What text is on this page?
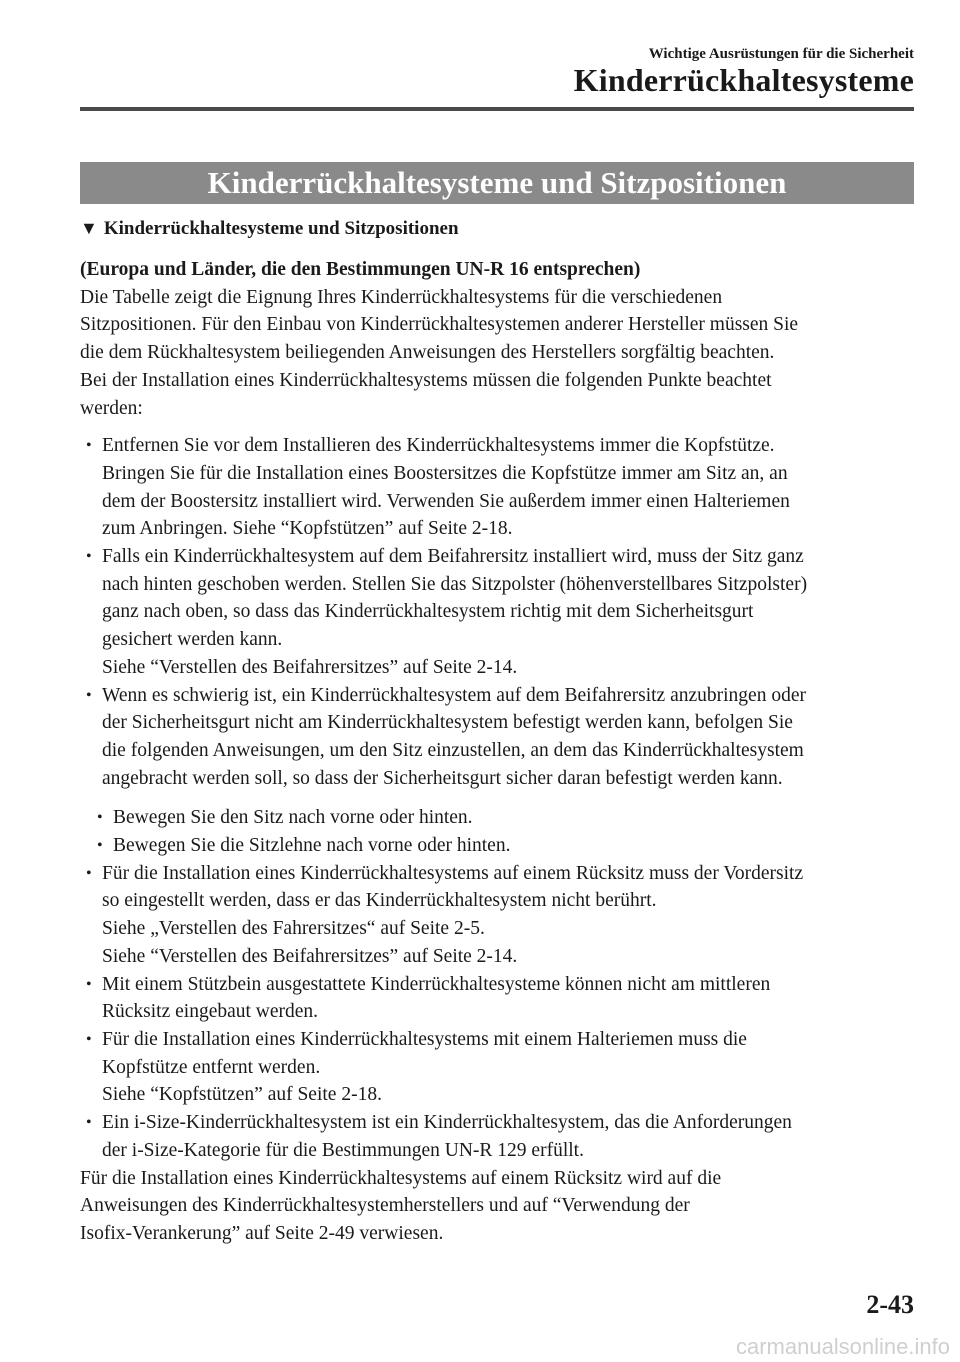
Wichtige Ausrüstungen für die Sicherheit
Kinderrückhaltesysteme
Kinderrückhaltesysteme und Sitzpositionen
▼ Kinderrückhaltesysteme und Sitzpositionen

(Europa und Länder, die den Bestimmungen UN-R 16 entsprechen)

Die Tabelle zeigt die Eignung Ihres Kinderrückhaltesystems für die verschiedenen
Sitzpositionen. Für den Einbau von Kinderrückhaltesystemen anderer Hersteller müssen Sie
die dem Rückhaltesystem beiliegenden Anweisungen des Herstellers sorgfältig beachten.
Bei der Installation eines Kinderrückhaltesystems müssen die folgenden Punkte beachtet
werden:

• Entfernen Sie vor dem Installieren des Kinderrückhaltesystems immer die Kopfstütze.
Bringen Sie für die Installation eines Boostersitzes die Kopfstütze immer am Sitz an, an
dem der Boostersitz installiert wird. Verwenden Sie außerdem immer einen Halteriemen
zum Anbringen. Siehe “Kopfstützen” auf Seite 2-18.
• Falls ein Kinderrückhaltesystem auf dem Beifahrersitz installiert wird, muss der Sitz ganz
nach hinten geschoben werden. Stellen Sie das Sitzpolster (höhenverstellbares Sitzpolster)
ganz nach oben, so dass das Kinderrückhaltesystem richtig mit dem Sicherheitsgurt
gesichert werden kann.
Siehe “Verstellen des Beifahrersitzes” auf Seite 2-14.
• Wenn es schwierig ist, ein Kinderrückhaltesystem auf dem Beifahrersitz anzubringen oder
der Sicherheitsgurt nicht am Kinderrückhaltesystem befestigt werden kann, befolgen Sie
die folgenden Anweisungen, um den Sitz einzustellen, an dem das Kinderrückhaltesystem
angebracht werden soll, so dass der Sicherheitsgurt sicher daran befestigt werden kann.
• Bewegen Sie den Sitz nach vorne oder hinten.
• Bewegen Sie die Sitzlehne nach vorne oder hinten.
• Für die Installation eines Kinderrückhaltesystems auf einem Rücksitz muss der Vordersitz
so eingestellt werden, dass er das Kinderrückhaltesystem nicht berührt.
Siehe „Verstellen des Fahrersitzes“ auf Seite 2-5.
Siehe “Verstellen des Beifahrersitzes” auf Seite 2-14.
• Mit einem Stützbein ausgestattete Kinderrückhaltesysteme können nicht am mittleren
Rücksitz eingebaut werden.
• Für die Installation eines Kinderrückhaltesystems mit einem Halteriemen muss die
Kopfstütze entfernt werden.
Siehe “Kopfstützen” auf Seite 2-18.
• Ein i-Size-Kinderrückhaltesystem ist ein Kinderrückhaltesystem, das die Anforderungen
der i-Size-Kategorie für die Bestimmungen UN-R 129 erfüllt.

Für die Installation eines Kinderrückhaltesystems auf einem Rücksitz wird auf die
Anweisungen des Kinderrückhaltesystemherstellers und auf “Verwendung der
Isofix-Verankerung” auf Seite 2-49 verwiesen.

2-43
carmanualsonline.info
